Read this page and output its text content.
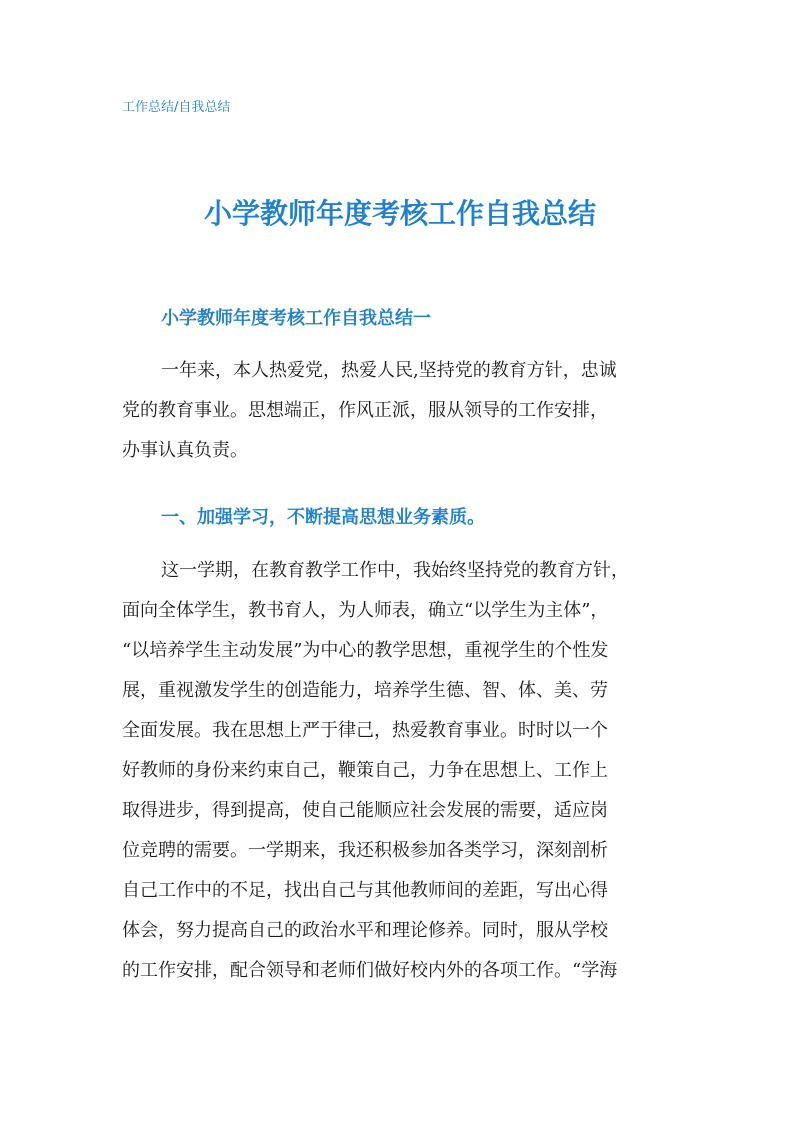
工作总结/自我总结
小学教师年度考核工作自我总结
小学教师年度考核工作自我总结一
一年来，本人热爱党，热爱人民,坚持党的教育方针，忠诚
党的教育事业。思想端正，作风正派，服从领导的工作安排，
办事认真负责。
一、加强学习，不断提高思想业务素质。
这一学期，在教育教学工作中，我始终坚持党的教育方针，
面向全体学生，教书育人，为人师表，确立“以学生为主体”，
“以培养学生主动发展”为中心的教学思想，重视学生的个性发
展，重视激发学生的创造能力，培养学生德、智、体、美、劳
全面发展。我在思想上严于律己，热爱教育事业。时时以一个
好教师的身份来约束自己，鞭策自己，力争在思想上、工作上
取得进步，得到提高，使自己能顺应社会发展的需要，适应岗
位竞聘的需要。一学期来，我还积极参加各类学习，深刻剖析
自己工作中的不足，找出自己与其他教师间的差距，写出心得
体会，努力提高自己的政治水平和理论修养。同时，服从学校
的工作安排，配合领导和老师们做好校内外的各项工作。“学海
